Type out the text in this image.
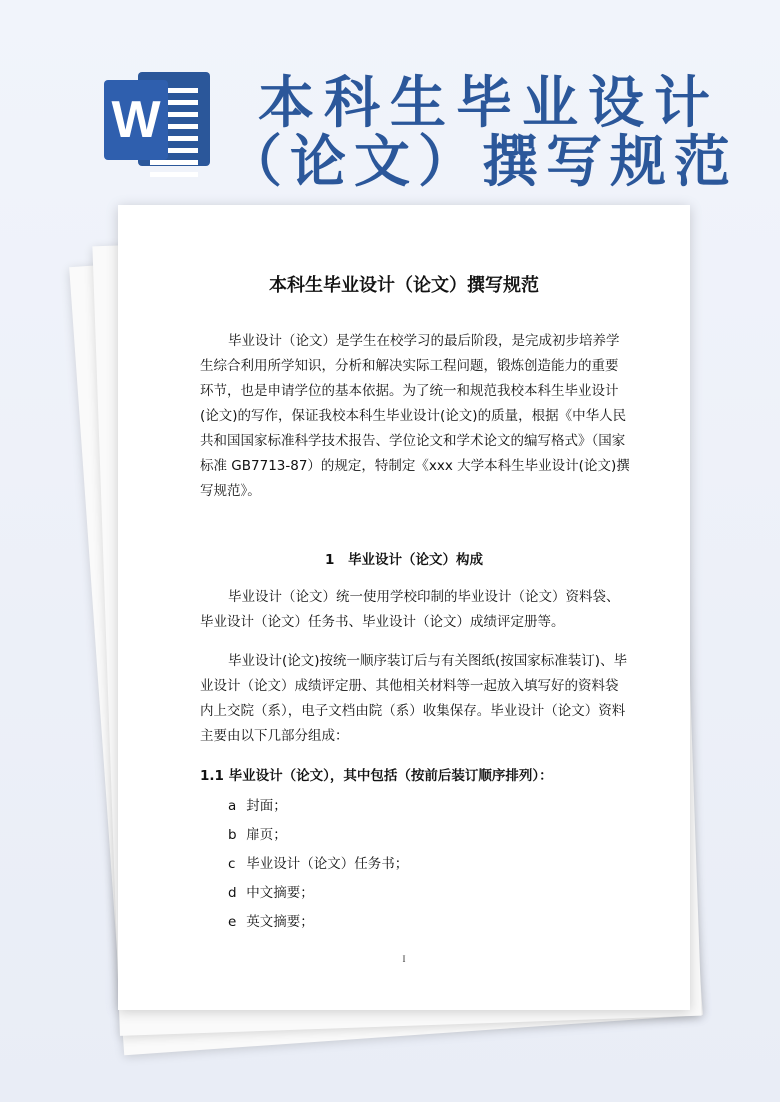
W 本科生毕业设计
（论文）撰写规范
本科生毕业设计（论文）撰写规范

毕业设计（论文）是学生在校学习的最后阶段，是完成初步培养学生综合利用所学知识，分析和解决实际工程问题，锻炼创造能力的重要环节，也是申请学位的基本依据。为了统一和规范我校本科生毕业设计(论文)的写作，保证我校本科生毕业设计(论文)的质量，根据《中华人民共和国国家标准科学技术报告、学位论文和学术论文的编写格式》（国家标准 GB7713-87）的规定，特制定《xxx 大学本科生毕业设计(论文)撰写规范》。

1　毕业设计（论文）构成

毕业设计（论文）统一使用学校印制的毕业设计（论文）资料袋、毕业设计（论文）任务书、毕业设计（论文）成绩评定册等。

毕业设计(论文)按统一顺序装订后与有关图纸(按国家标准装订)、毕业设计（论文）成绩评定册、其他相关材料等一起放入填写好的资料袋内上交院（系），电子文档由院（系）收集保存。毕业设计（论文）资料主要由以下几部分组成：

1.1 毕业设计（论文），其中包括（按前后装订顺序排列）：
a 封面；
b 扉页；
c 毕业设计（论文）任务书；
d 中文摘要；
e 英文摘要；
I
